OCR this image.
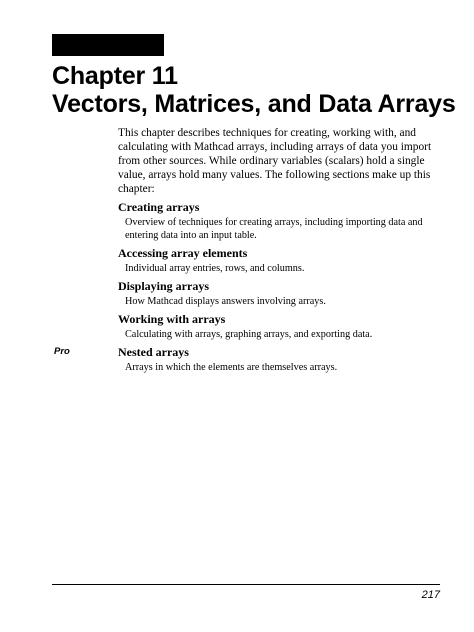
Chapter 11
Vectors, Matrices, and Data Arrays

This chapter describes techniques for creating, working with, and calculating with Mathcad arrays, including arrays of data you import from other sources. While ordinary variables (scalars) hold a single value, arrays hold many values. The following sections make up this chapter:

Creating arrays

Overview of techniques for creating arrays, including importing data and entering data into an input table.

Accessing array elements

Individual array entries, rows, and columns.

Displaying arrays

How Mathcad displays answers involving arrays.

Working with arrays

Calculating with arrays, graphing arrays, and exporting data.

Pro	Nested arrays

Arrays in which the elements are themselves arrays.

217
